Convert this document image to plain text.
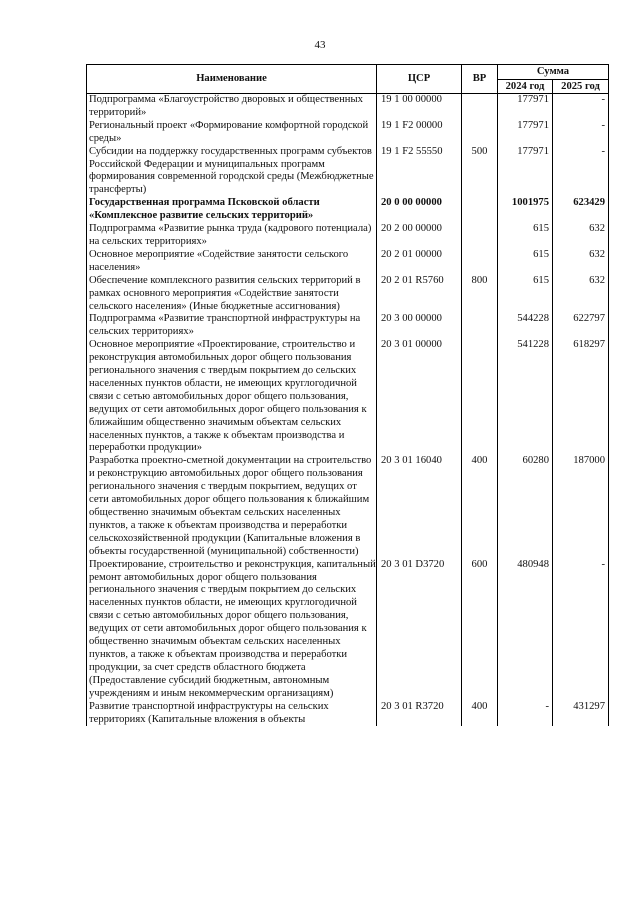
43
Наименование	ЦСР	ВР	Сумма	
			2024 год	2025 год
Подпрограмма «Благоустройство дворовых и общественных территорий»	19 1 00 00000		177971	-
Региональный проект «Формирование комфортной городской среды»	19 1 F2 00000		177971	-
Субсидии на поддержку государственных программ субъектов Российской Федерации и муниципальных программ формирования современной городской среды (Межбюджетные трансферты)	19 1 F2 55550	500	177971	-
Государственная программа Псковской области «Комплексное развитие сельских территорий»	20 0 00 00000		1001975	623429
Подпрограмма «Развитие рынка труда (кадрового потенциала) на сельских территориях»	20 2 00 00000		615	632
Основное мероприятие «Содействие занятости сельского населения»	20 2 01 00000		615	632
Обеспечение комплексного развития сельских территорий в рамках основного мероприятия «Содействие занятости сельского населения» (Иные бюджетные ассигнования)	20 2 01 R5760	800	615	632
Подпрограмма «Развитие транспортной инфраструктуры на сельских территориях»	20 3 00 00000		544228	622797
Основное мероприятие «Проектирование, строительство и реконструкция автомобильных дорог общего пользования регионального значения с твердым покрытием до сельских населенных пунктов области, не имеющих круглогодичной связи с сетью автомобильных дорог общего пользования, ведущих от сети автомобильных дорог общего пользования к ближайшим общественно значимым объектам сельских населенных пунктов, а также к объектам производства и переработки продукции»	20 3 01 00000		541228	618297
Разработка проектно-сметной документации на строительство и реконструкцию автомобильных дорог общего пользования регионального значения с твердым покрытием, ведущих от сети автомобильных дорог общего пользования к ближайшим общественно значимым объектам сельских населенных пунктов, а также к объектам производства и переработки сельскохозяйственной продукции (Капитальные вложения в объекты государственной (муниципальной) собственности)	20 3 01 16040	400	60280	187000
Проектирование, строительство и реконструкция, капитальный ремонт автомобильных дорог общего пользования регионального значения с твердым покрытием до сельских населенных пунктов области, не имеющих круглогодичной связи с сетью автомобильных дорог общего пользования, ведущих от сети автомобильных дорог общего пользования к общественно значимым объектам сельских населенных пунктов, а также к объектам производства и переработки продукции, за счет средств областного бюджета (Предоставление субсидий бюджетным, автономным учреждениям и иным некоммерческим организациям)	20 3 01 D3720	600	480948	-
Развитие транспортной инфраструктуры на сельских территориях (Капитальные вложения в объекты	20 3 01 R3720	400	-	431297
